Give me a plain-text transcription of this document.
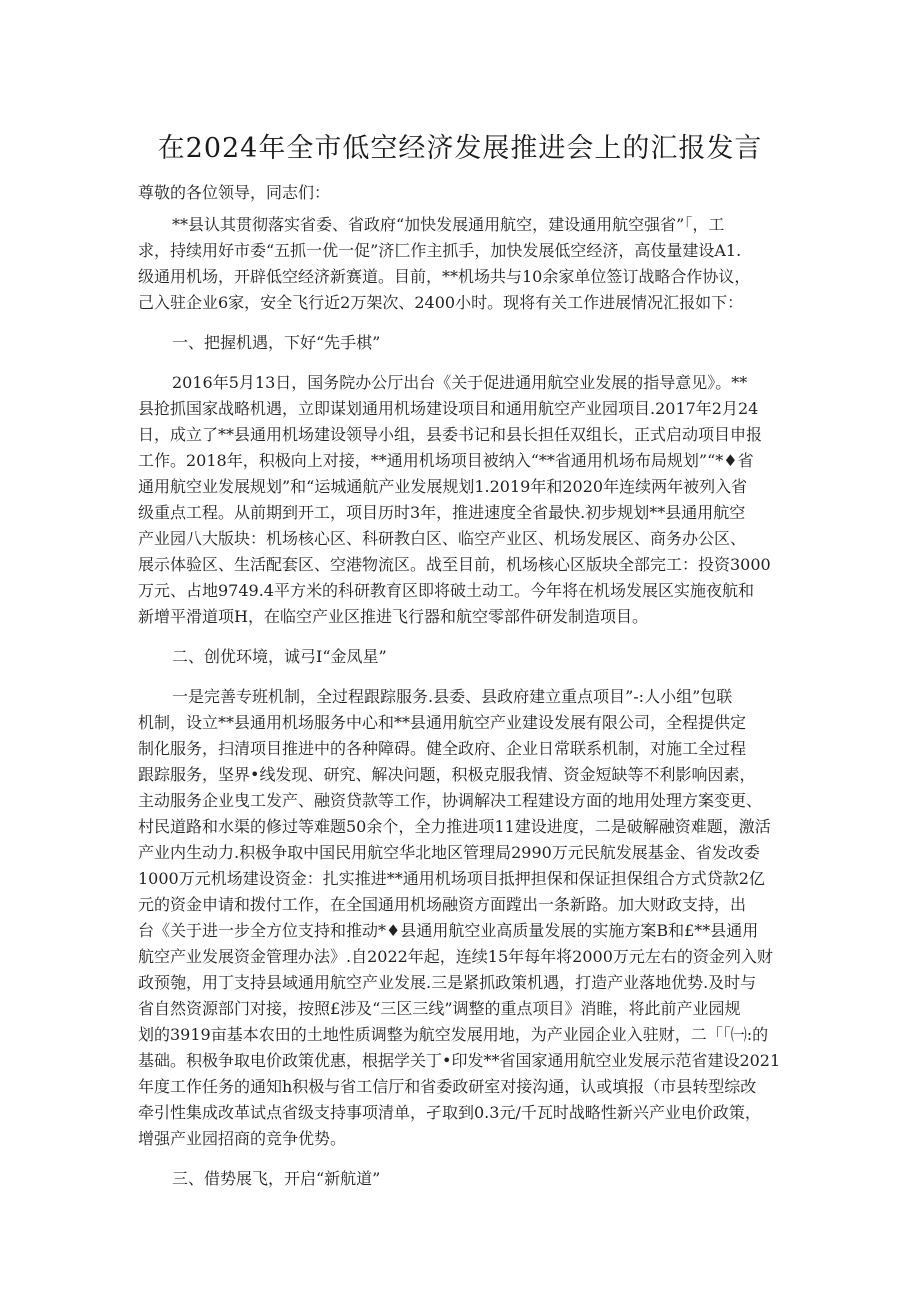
在2024年全市低空经济发展推进会上的汇报发言
尊敬的各位领导，同志们：
**县认其贯彻落实省委、省政府“加快发展通用航空，建设通用航空强省”「，工
求，持续用好市委“五抓一优一促”济匚作主抓手，加快发展低空经济，高伎量建设A1.
级通用机场，开辟低空经济新赛道。目前，**机场共与10余家单位签订战略合作协议，
己入驻企业6家，安全飞行近2万架次、2400小时。现将有关工作进展情况汇报如下：
一、把握机遇，下好“先手棋”
2016年5月13日，国务院办公厅出台《关于促进通用航空业发展的指导意见》。**
县抢抓国家战略机遇，立即谋划通用机场建设项目和通用航空产业园项目.2017年2月24
日，成立了**县通用机场建设领导小组，县委书记和县长担任双组长，正式启动项目申报
工作。2018年，积极向上对接，**通用机场项目被纳入“**省通用机场布局规划”“*♦省
通用航空业发展规划”和“运城通航产业发展规划1.2019年和2020年连续两年被列入省
级重点工程。从前期到开工，项目历时3年，推进速度全省最快.初步规划**县通用航空
产业园八大版块：机场核心区、科研教白区、临空产业区、机场发展区、商务办公区、
展示体验区、生活配套区、空港物流区。战至目前，机场核心区版块全部完工：投资3000
万元、占地9749.4平方米的科研教育区即将破土动工。今年将在机场发展区实施夜航和
新增平滑道项H，在临空产业区推进飞行器和航空零部件研发制造项目。
二、创优环境，诚弓I“金凤星”
一是完善专班机制，全过程跟踪服务.县委、县政府建立重点项目”-:人小组”包联
机制，设立**县通用机场服务中心和**县通用航空产业建设发展有限公司，全程提供定
制化服务，扫清项目推进中的各种障碍。健全政府、企业日常联系机制，对施工全过程
跟踪服务，坚界•线发现、研究、解决问题，积极克服我情、资金短缺等不利影响因素，
主动服务企业曳工发产、融资贷款等工作，协调解决工程建设方面的地用处理方案变更、
村民道路和水渠的修过等难题50余个，全力推进项11建设进度，二是破解融资难题，激活
产业内生动力.积极争取中国民用航空华北地区管理局2990万元民航发展基金、省发改委
1000万元机场建设资金：扎实推进**通用机场项目抵押担保和保证担保组合方式贷款2亿
元的资金申请和拨付工作，在全国通用机场融资方面蹚出一条新路。加大财政支持，出
台《关于进一步全方位支持和推动*♦县通用航空业高质量发展的实施方案B和£**县通用
航空产业发展资金管理办法》.自2022年起，连续15年每年将2000万元左右的资金列入财
政预匏，用丁支持县域通用航空产业发展.三是紧抓政策机遇，打造产业落地优势.及时与
省自然资源部门对接，按照£涉及“三区三线”调整的重点项目》消睢，将此前产业园规
划的3919亩基本农田的土地性质调整为航空发展用地，为产业园企业入驻财，二「「㈠:的
基础。积极争取电价政策优惠，根据学关丁•印发**省国家通用航空业发展示范省建设2021
年度工作任务的通知h积极与省工信厅和省委政研室对接沟通，认或填报（市县转型综改
牵引性集成改革试点省级支持事项清单，孑取到0.3元/千瓦时战略性新兴产业电价政策，
增强产业园招商的竞争优势。
三、借势展飞，开启“新航道”
